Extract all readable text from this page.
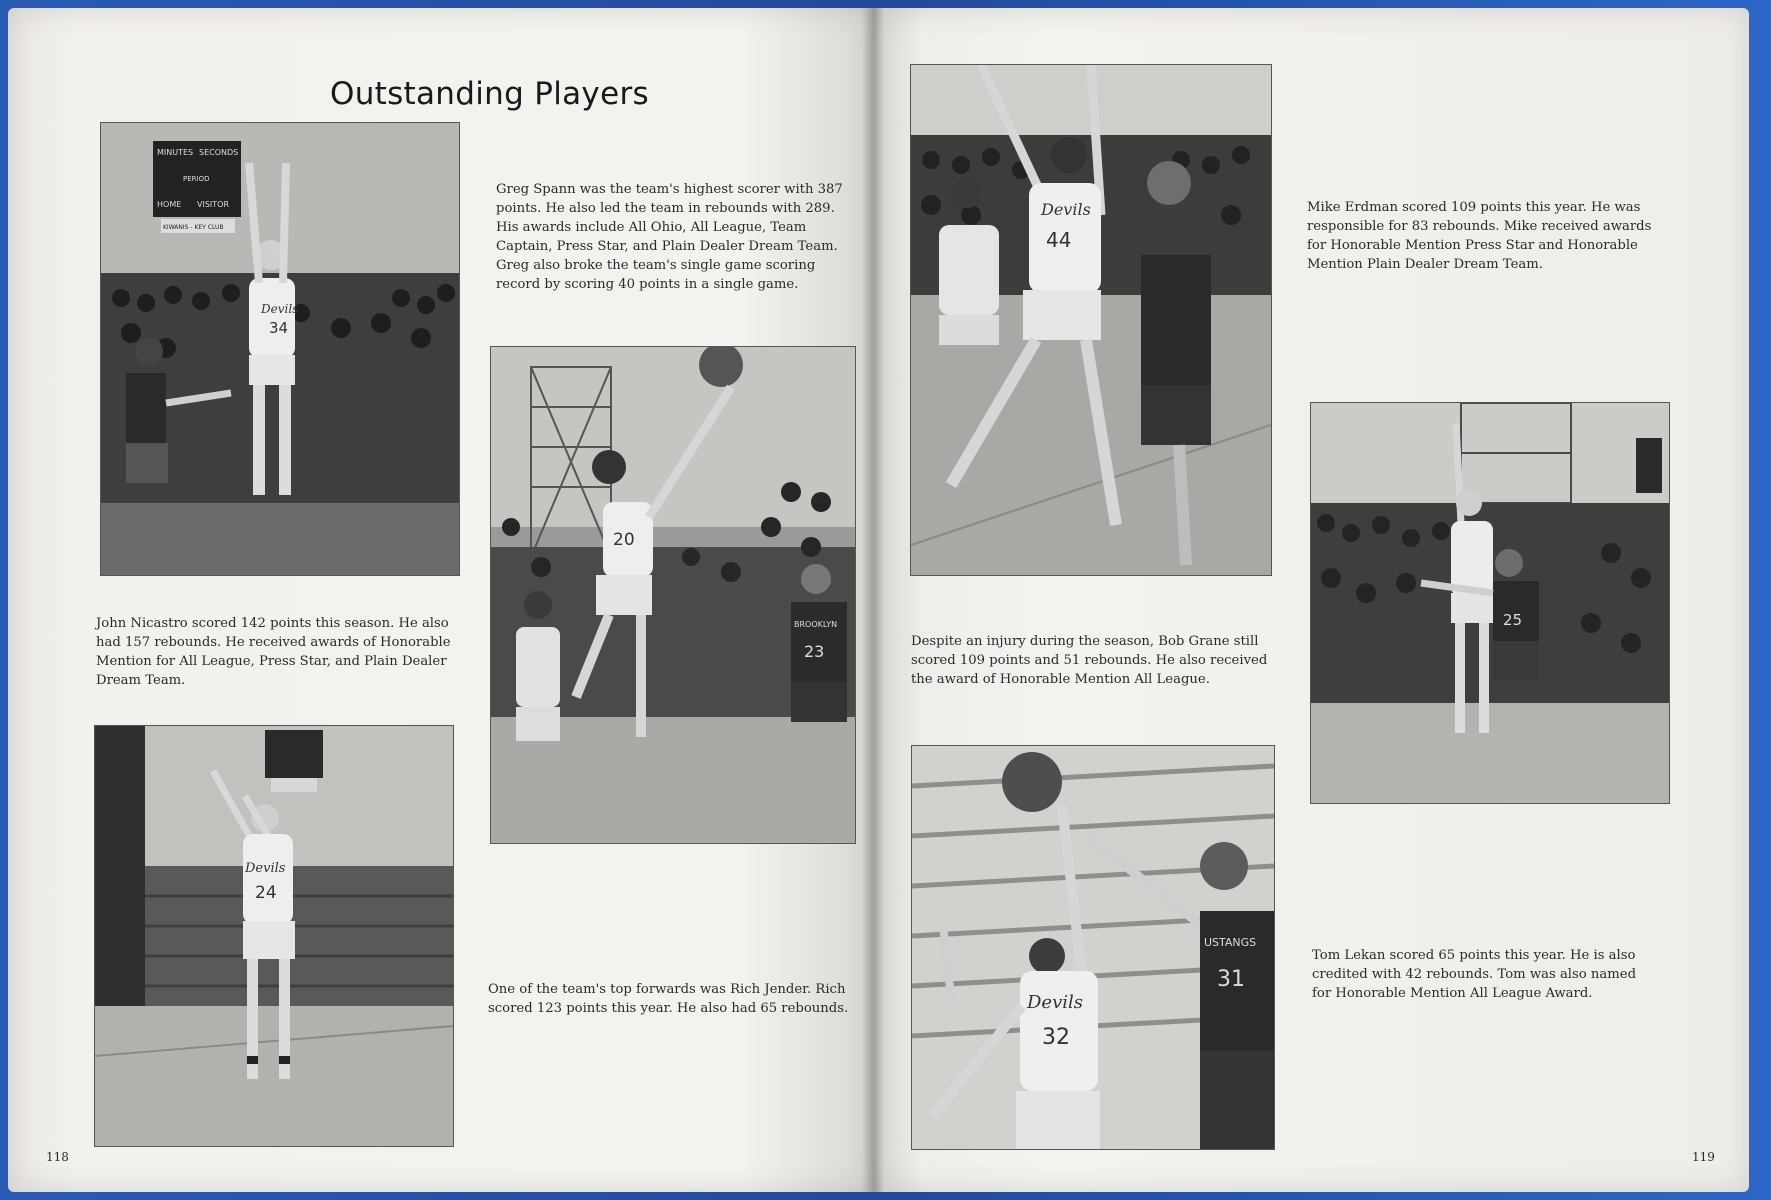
Outstanding Players
MINUTES SECONDS
PERIOD
HOME VISITOR
KIWANIS - KEY CLUB
Devils
34
Greg Spann was the team's highest scorer with 387 points. He also led the team in rebounds with 289. His awards include All Ohio, All League, Team Captain, Press Star, and Plain Dealer Dream Team. Greg also broke the team's single game scoring record by scoring 40 points in a single game.
20
BROOKLYN
23
John Nicastro scored 142 points this season. He also had 157 rebounds. He received awards of Honorable Mention for All League, Press Star, and Plain Dealer Dream Team.
Devils
24
One of the team's top forwards was Rich Jender. Rich scored 123 points this year. He also had 65 rebounds.
118
Devils
44
Mike Erdman scored 109 points this year. He was responsible for 83 rebounds. Mike received awards for Honorable Mention Press Star and Honorable Mention Plain Dealer Dream Team.
Despite an injury during the season, Bob Grane still scored 109 points and 51 rebounds. He also received the award of Honorable Mention All League.
25
Devils
32
USTANGS
31
Tom Lekan scored 65 points this year. He is also credited with 42 rebounds. Tom was also named for Honorable Mention All League Award.
119
